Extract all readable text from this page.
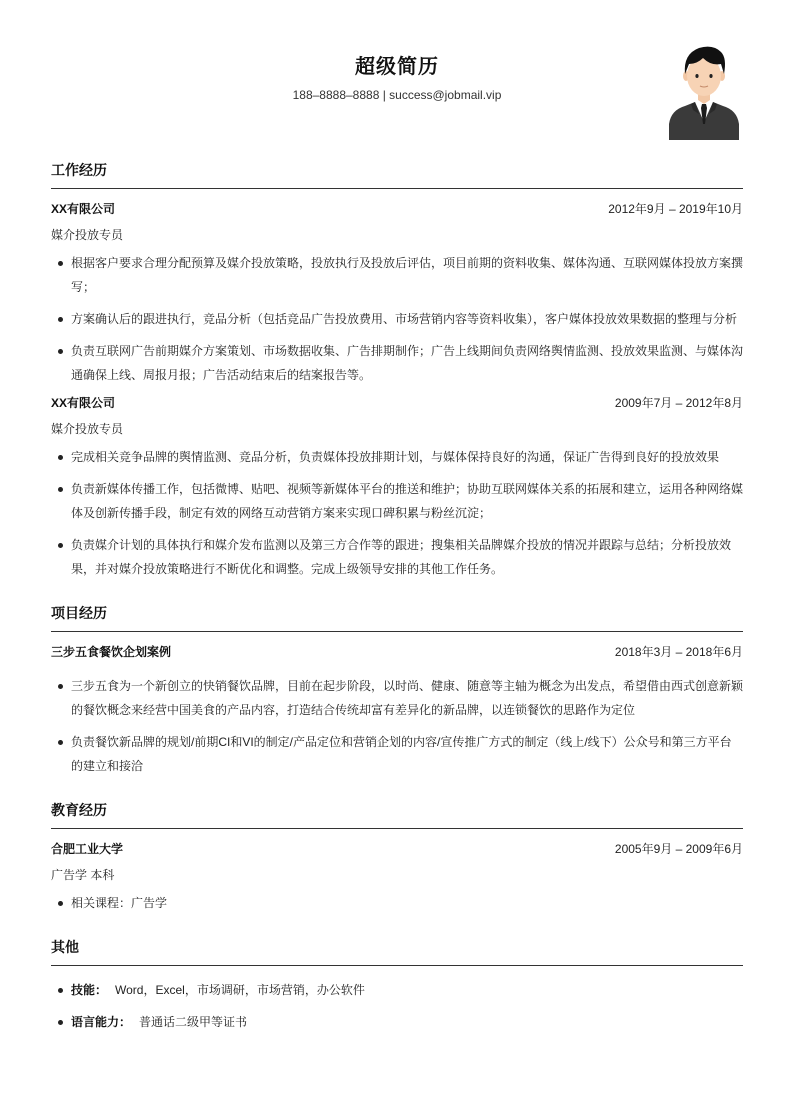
超级简历
188–8888–8888 | success@jobmail.vip
工作经历
XX有限公司	2012年9月 – 2019年10月
媒介投放专员
根据客户要求合理分配预算及媒介投放策略，投放执行及投放后评估，项目前期的资料收集、媒体沟通、互联网媒体投放方案撰写；
方案确认后的跟进执行，竞品分析（包括竞品广告投放费用、市场营销内容等资料收集），客户媒体投放效果数据的整理与分析
负责互联网广告前期媒介方案策划、市场数据收集、广告排期制作；广告上线期间负责网络舆情监测、投放效果监测、与媒体沟通确保上线、周报月报；广告活动结束后的结案报告等。
XX有限公司	2009年7月 – 2012年8月
媒介投放专员
完成相关竞争品牌的舆情监测、竞品分析，负责媒体投放排期计划，与媒体保持良好的沟通，保证广告得到良好的投放效果
负责新媒体传播工作，包括微博、贴吧、视频等新媒体平台的推送和维护；协助互联网媒体关系的拓展和建立，运用各种网络媒体及创新传播手段，制定有效的网络互动营销方案来实现口碑积累与粉丝沉淀；
负责媒介计划的具体执行和媒介发布监测以及第三方合作等的跟进；搜集相关品牌媒介投放的情况并跟踪与总结；分析投放效果，并对媒介投放策略进行不断优化和调整。完成上级领导安排的其他工作任务。
项目经历
三步五食餐饮企划案例	2018年3月 – 2018年6月
三步五食为一个新创立的快销餐饮品牌，目前在起步阶段，以时尚、健康、随意等主轴为概念为出发点，希望借由西式创意新颖的餐饮概念来经营中国美食的产品内容，打造结合传统却富有差异化的新品牌，以连锁餐饮的思路作为定位
负责餐饮新品牌的规划/前期CI和VI的制定/产品定位和营销企划的内容/宣传推广方式的制定（线上/线下）公众号和第三方平台的建立和接洽
教育经历
合肥工业大学	2005年9月 – 2009年6月
广告学 本科
相关课程：广告学
其他
技能： Word，Excel，市场调研，市场营销，办公软件
语言能力： 普通话二级甲等证书
